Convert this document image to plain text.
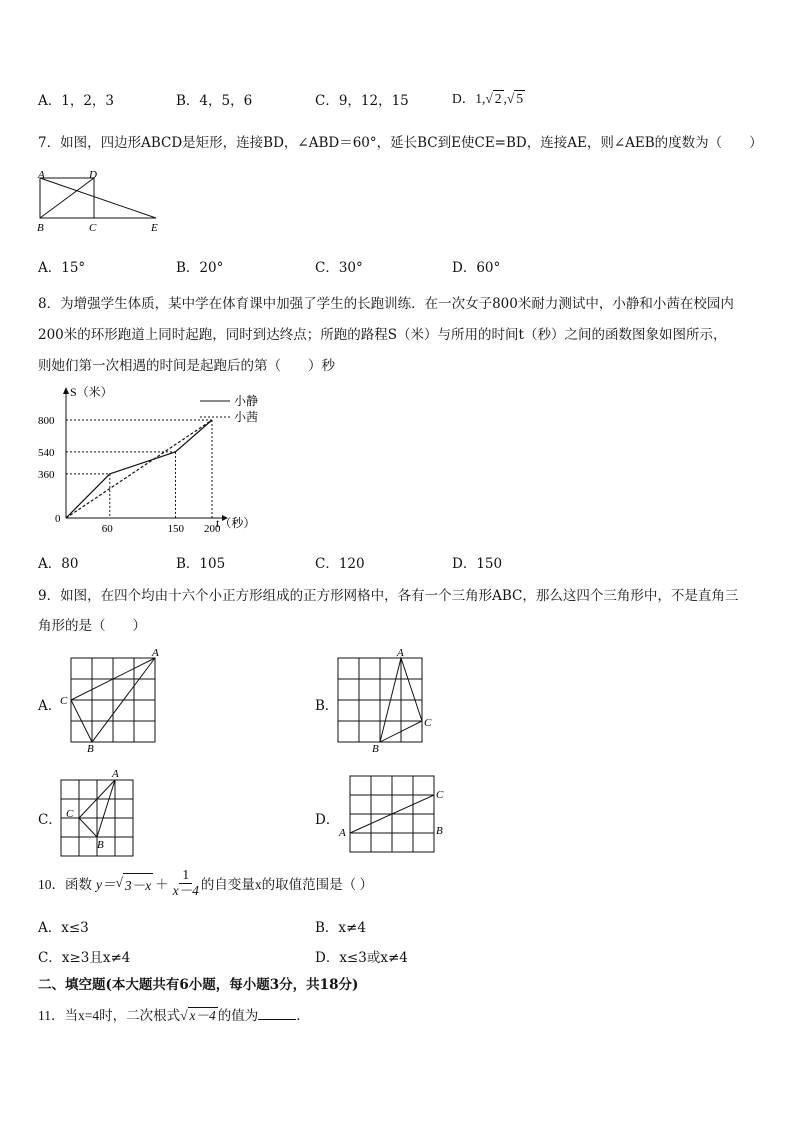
A．1，2，3	B．4，5，6	C．9，12，15	D．1,√ 2 ,√ 5
7．如图，四边形ABCD是矩形，连接BD，∠ABD＝60°，延长BC到E使CE=BD，连接AE，则∠AEB的度数为（　　）
A	D
B	C	E
A．15°	B．20°	C．30°	D．60°
8．为增强学生体质，某中学在体育课中加强了学生的长跑训练．在一次女子800米耐力测试中，小静和小茜在校园内
200米的环形跑道上同时起跑，同时到达终点；所跑的路程S（米）与所用的时间t（秒）之间的函数图象如图所示，
则她们第一次相遇的时间是起跑后的第（　　）秒
60	150 200
360
540
800
S（米）
t（秒）
0
小静
小茜
A．80	B．105	C．120	D．150
9．如图，在四个均由十六个小正方形组成的正方形网格中，各有一个三角形ABC，那么这四个三角形中，不是直角三
角形的是（　　）
A．
A
C
B
B．
A
C
B
C．
A
C
B
D．
A
C
B
10．函数 y＝ √ $3-x + \frac{1}{x-4}$ 的自变量x的取值范围是（ ）
A．x≤3	B．x≠4
C．x≥3且x≠4	D．x≤3或x≠4
二、填空题(本大题共有6小题，每小题3分，共18分)
11．当x=4时，二次根式√ x－4 的值为	．
